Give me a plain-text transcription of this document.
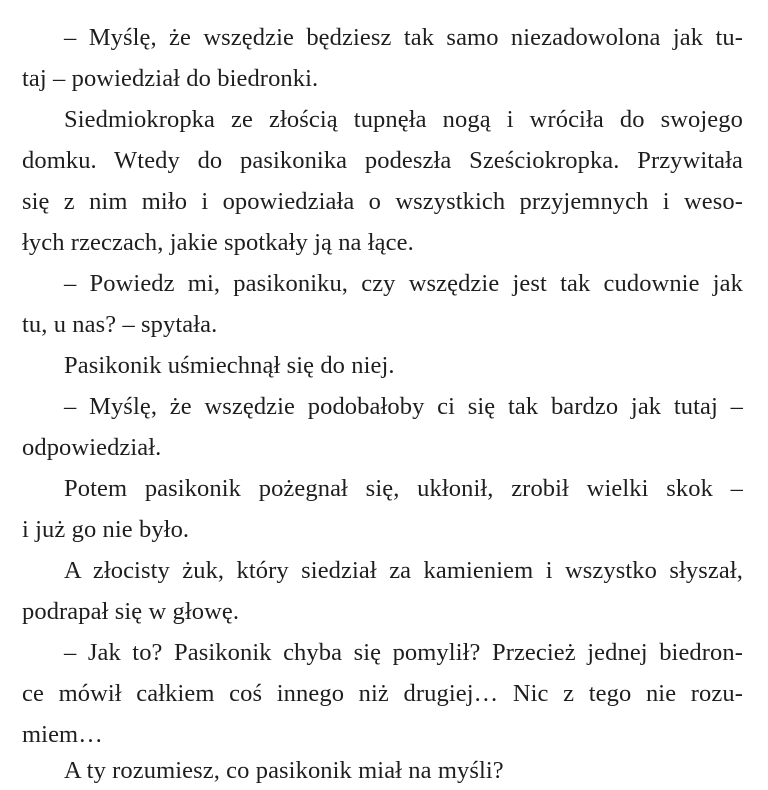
– Myślę, że wszędzie będziesz tak samo niezadowolona jak tu-
taj – powiedział do biedronki.
Siedmiokropka ze złością tupnęła nogą i wróciła do swojego
domku. Wtedy do pasikonika podeszła Sześciokropka. Przywitała
się z nim miło i opowiedziała o wszystkich przyjemnych i weso-
łych rzeczach, jakie spotkały ją na łące.
– Powiedz mi, pasikoniku, czy wszędzie jest tak cudownie jak
tu, u nas? – spytała.
Pasikonik uśmiechnął się do niej.
– Myślę, że wszędzie podobałoby ci się tak bardzo jak tutaj –
odpowiedział.
Potem pasikonik pożegnał się, ukłonił, zrobił wielki skok –
i już go nie było.
A złocisty żuk, który siedział za kamieniem i wszystko słyszał,
podrapał się w głowę.
– Jak to? Pasikonik chyba się pomylił? Przecież jednej biedron-
ce mówił całkiem coś innego niż drugiej… Nic z tego nie rozu-
miem…
A ty rozumiesz, co pasikonik miał na myśli?
